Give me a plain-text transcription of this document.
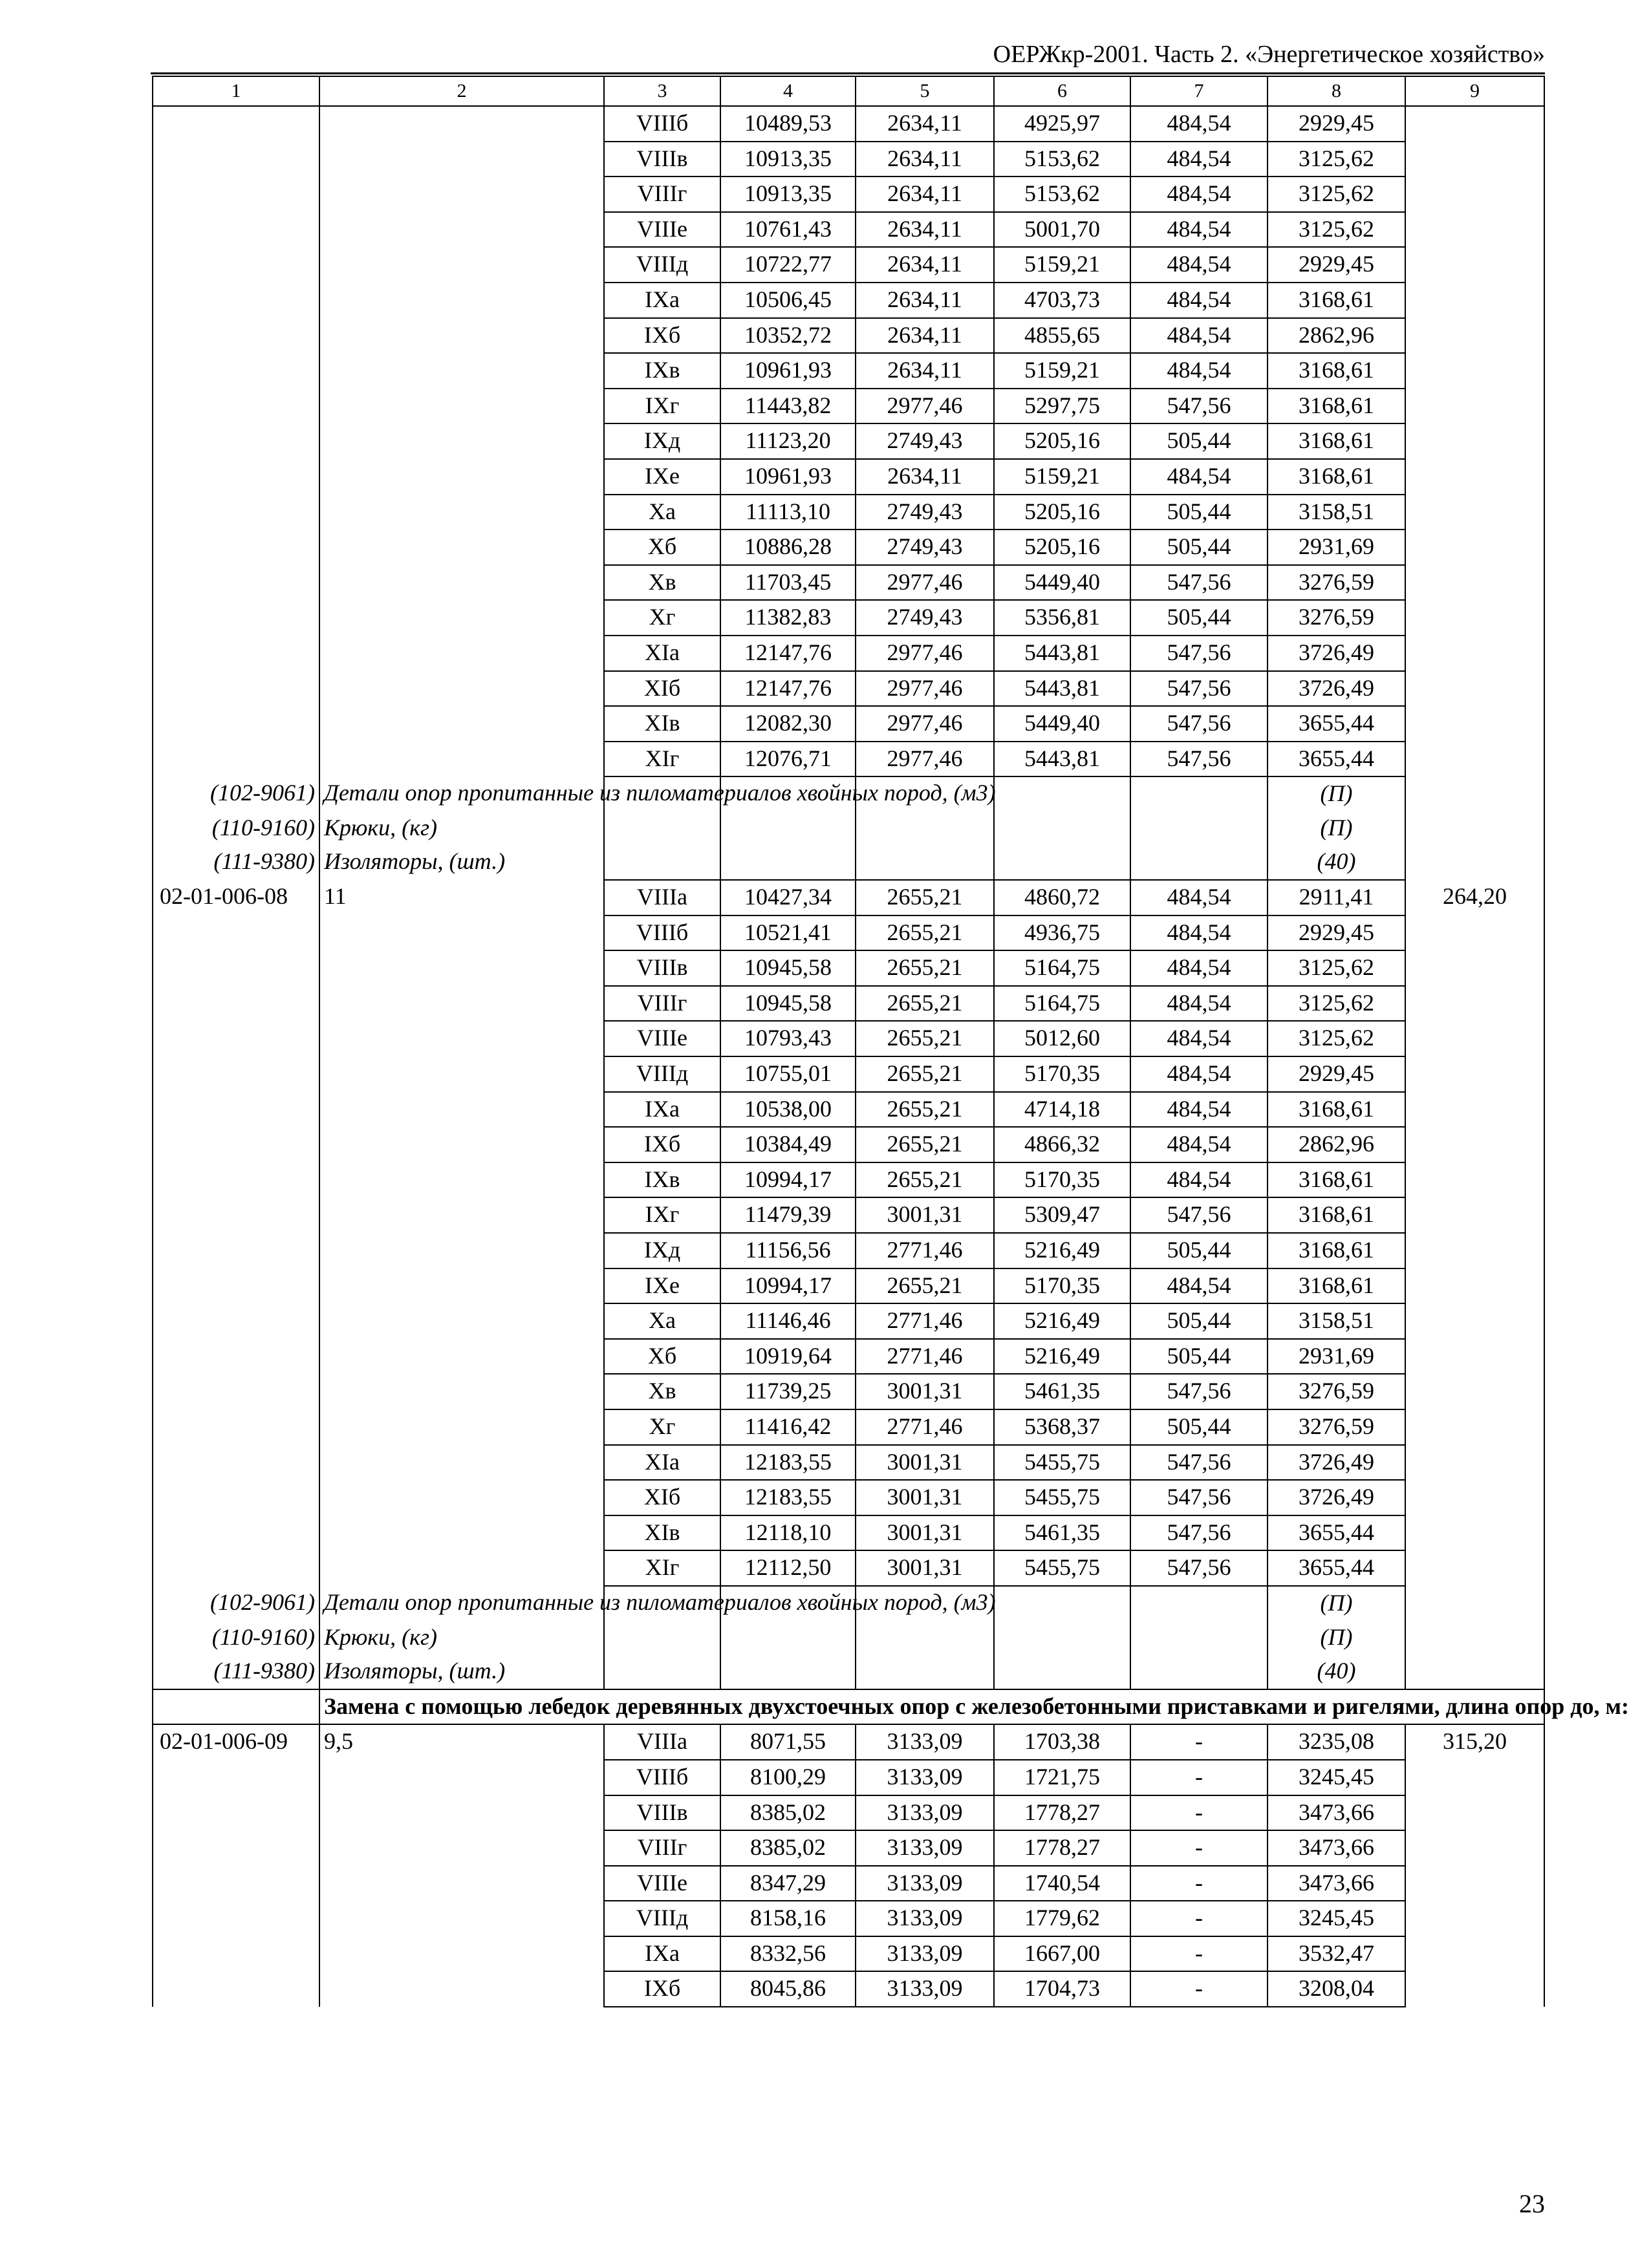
ОЕРЖкр-2001. Часть 2. «Энергетическое хозяйство»
1	2	3	4	5	6	7	8	9
		VIIIб	10489,53	2634,11	4925,97	484,54	2929,45	
		VIIIв	10913,35	2634,11	5153,62	484,54	3125,62	
		VIIIг	10913,35	2634,11	5153,62	484,54	3125,62	
		VIIIе	10761,43	2634,11	5001,70	484,54	3125,62	
		VIIIд	10722,77	2634,11	5159,21	484,54	2929,45	
		IXa	10506,45	2634,11	4703,73	484,54	3168,61	
		IXб	10352,72	2634,11	4855,65	484,54	2862,96	
		IXв	10961,93	2634,11	5159,21	484,54	3168,61	
		IXг	11443,82	2977,46	5297,75	547,56	3168,61	
		IXд	11123,20	2749,43	5205,16	505,44	3168,61	
		IXе	10961,93	2634,11	5159,21	484,54	3168,61	
		Xa	11113,10	2749,43	5205,16	505,44	3158,51	
		Xб	10886,28	2749,43	5205,16	505,44	2931,69	
		Xв	11703,45	2977,46	5449,40	547,56	3276,59	
		Xг	11382,83	2749,43	5356,81	505,44	3276,59	
		XIa	12147,76	2977,46	5443,81	547,56	3726,49	
		XIб	12147,76	2977,46	5443,81	547,56	3726,49	
		XIв	12082,30	2977,46	5449,40	547,56	3655,44	
		XIг	12076,71	2977,46	5443,81	547,56	3655,44	
(102-9061)	Детали опор пропитанные из пиломатериалов хвойных пород, (м3)						(П)	
(110-9160)	Крюки, (кг)						(П)	
(111-9380)	Изоляторы, (шт.)						(40)	
02-01-006-08	11	VIIIa	10427,34	2655,21	4860,72	484,54	2911,41	264,20
		VIIIб	10521,41	2655,21	4936,75	484,54	2929,45	
		VIIIв	10945,58	2655,21	5164,75	484,54	3125,62	
		VIIIг	10945,58	2655,21	5164,75	484,54	3125,62	
		VIIIе	10793,43	2655,21	5012,60	484,54	3125,62	
		VIIIд	10755,01	2655,21	5170,35	484,54	2929,45	
		IXa	10538,00	2655,21	4714,18	484,54	3168,61	
		IXб	10384,49	2655,21	4866,32	484,54	2862,96	
		IXв	10994,17	2655,21	5170,35	484,54	3168,61	
		IXг	11479,39	3001,31	5309,47	547,56	3168,61	
		IXд	11156,56	2771,46	5216,49	505,44	3168,61	
		IXе	10994,17	2655,21	5170,35	484,54	3168,61	
		Xa	11146,46	2771,46	5216,49	505,44	3158,51	
		Xб	10919,64	2771,46	5216,49	505,44	2931,69	
		Xв	11739,25	3001,31	5461,35	547,56	3276,59	
		Xг	11416,42	2771,46	5368,37	505,44	3276,59	
		XIa	12183,55	3001,31	5455,75	547,56	3726,49	
		XIб	12183,55	3001,31	5455,75	547,56	3726,49	
		XIв	12118,10	3001,31	5461,35	547,56	3655,44	
		XIг	12112,50	3001,31	5455,75	547,56	3655,44	
(102-9061)	Детали опор пропитанные из пиломатериалов хвойных пород, (м3)						(П)	
(110-9160)	Крюки, (кг)						(П)	
(111-9380)	Изоляторы, (шт.)						(40)	
	Замена с помощью лебедок деревянных двухстоечных опор с железобетонными приставками и ригелями, длина опор до, м:							
02-01-006-09	9,5	VIIIa	8071,55	3133,09	1703,38	-	3235,08	315,20
		VIIIб	8100,29	3133,09	1721,75	-	3245,45	
		VIIIв	8385,02	3133,09	1778,27	-	3473,66	
		VIIIг	8385,02	3133,09	1778,27	-	3473,66	
		VIIIе	8347,29	3133,09	1740,54	-	3473,66	
		VIIIд	8158,16	3133,09	1779,62	-	3245,45	
		IXa	8332,56	3133,09	1667,00	-	3532,47	
		IXб	8045,86	3133,09	1704,73	-	3208,04	
23
